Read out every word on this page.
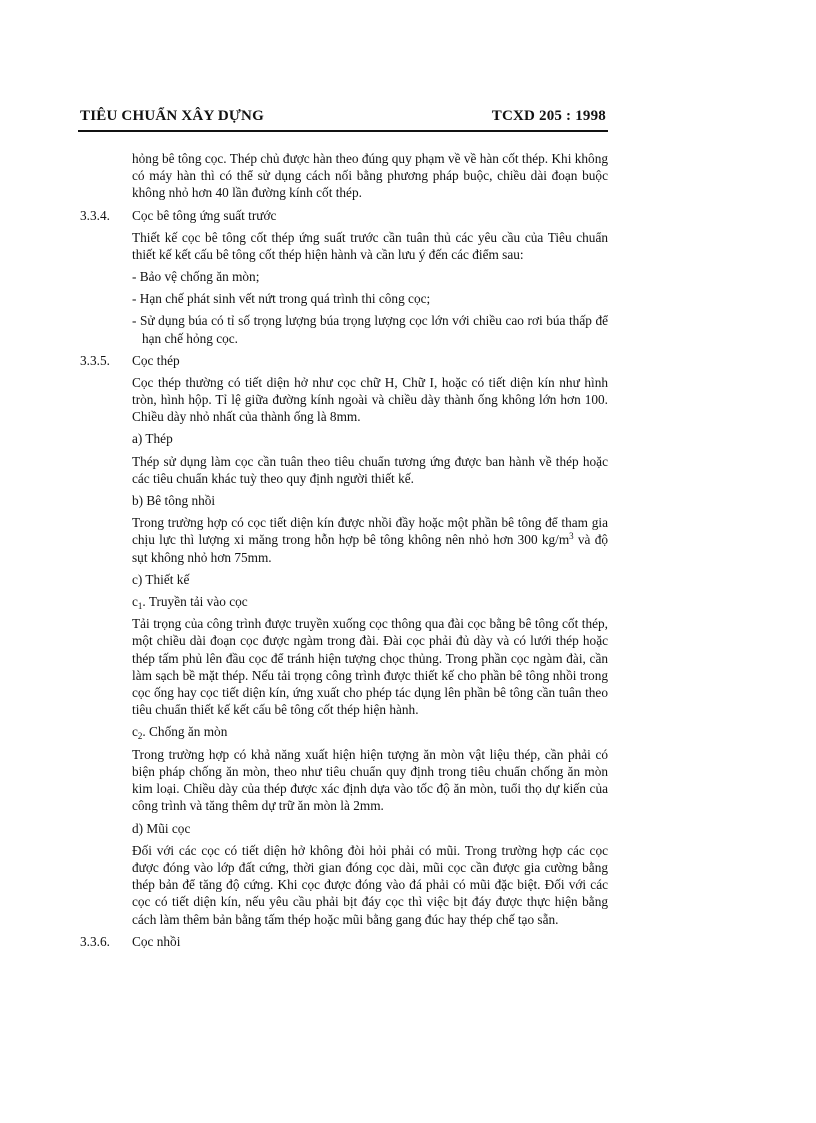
TIÊU CHUẨN XÂY DỰNG	TCXD 205 : 1998
hỏng bê tông cọc. Thép chủ được hàn theo đúng quy phạm về về hàn cốt thép. Khi không có máy hàn thì có thể sử dụng cách nối bằng phương pháp buộc, chiều dài đoạn buộc không nhỏ hơn 40 lần đường kính cốt thép.
3.3.4. Cọc bê tông ứng suất trước
Thiết kế cọc bê tông cốt thép ứng suất trước cần tuân thủ các yêu cầu của Tiêu chuẩn thiết kế kết cấu bê tông cốt thép hiện hành và cần lưu ý đến các điểm sau:
- Bảo vệ chống ăn mòn;
- Hạn chế phát sinh vết nứt trong quá trình thi công cọc;
- Sử dụng búa có tỉ số trọng lượng búa trọng lượng cọc lớn với chiều cao rơi búa thấp để hạn chế hỏng cọc.
3.3.5. Cọc thép
Cọc thép thường có tiết diện hở như cọc chữ H, Chữ I, hoặc có tiết diện kín như hình tròn, hình hộp. Tỉ lệ giữa đường kính ngoài và chiều dày thành ống không lớn hơn 100. Chiều dày nhỏ nhất của thành ống là 8mm.
a) Thép
Thép sử dụng làm cọc cần tuân theo tiêu chuẩn tương ứng được ban hành về thép hoặc các tiêu chuẩn khác tuỳ theo quy định người thiết kế.
b) Bê tông nhồi
Trong trường hợp có cọc tiết diện kín được nhồi đầy hoặc một phần bê tông để tham gia chịu lực thì lượng xi măng trong hỗn hợp bê tông không nên nhỏ hơn 300 $kg/m^3$ và độ sụt không nhỏ hơn 75mm.
c) Thiết kế
$c_1$. Truyền tải vào cọc
Tải trọng của công trình được truyền xuống cọc thông qua đài cọc bằng bê tông cốt thép, một chiều dài đoạn cọc được ngàm trong đài. Đài cọc phải đủ dày và có lưới thép hoặc thép tấm phủ lên đầu cọc để tránh hiện tượng chọc thủng. Trong phần cọc ngàm đài, cần làm sạch bề mặt thép. Nếu tải trọng công trình được thiết kế cho phần bê tông nhồi trong cọc ống hay cọc tiết diện kín, ứng xuất cho phép tác dụng lên phần bê tông cần tuân theo tiêu chuẩn thiết kế kết cấu bê tông cốt thép hiện hành.
$c_2$. Chống ăn mòn
Trong trường hợp có khả năng xuất hiện hiện tượng ăn mòn vật liệu thép, cần phải có biện pháp chống ăn mòn, theo như tiêu chuẩn quy định trong tiêu chuẩn chống ăn mòn kim loại. Chiều dày của thép được xác định dựa vào tốc độ ăn mòn, tuổi thọ dự kiến của công trình và tăng thêm dự trữ ăn mòn là 2mm.
d) Mũi cọc
Đối với các cọc có tiết diện hở không đòi hỏi phải có mũi. Trong trường hợp các cọc được đóng vào lớp đất cứng, thời gian đóng cọc dài, mũi cọc cần được gia cường bằng thép bản để tăng độ cứng. Khi cọc được đóng vào đá phải có mũi đặc biệt. Đối với các cọc có tiết diện kín, nếu yêu cầu phải bịt đáy cọc thì việc bịt đáy được thực hiện bằng cách làm thêm bản bằng tấm thép hoặc mũi bằng gang đúc hay thép chế tạo sẵn.
3.3.6. Cọc nhồi
